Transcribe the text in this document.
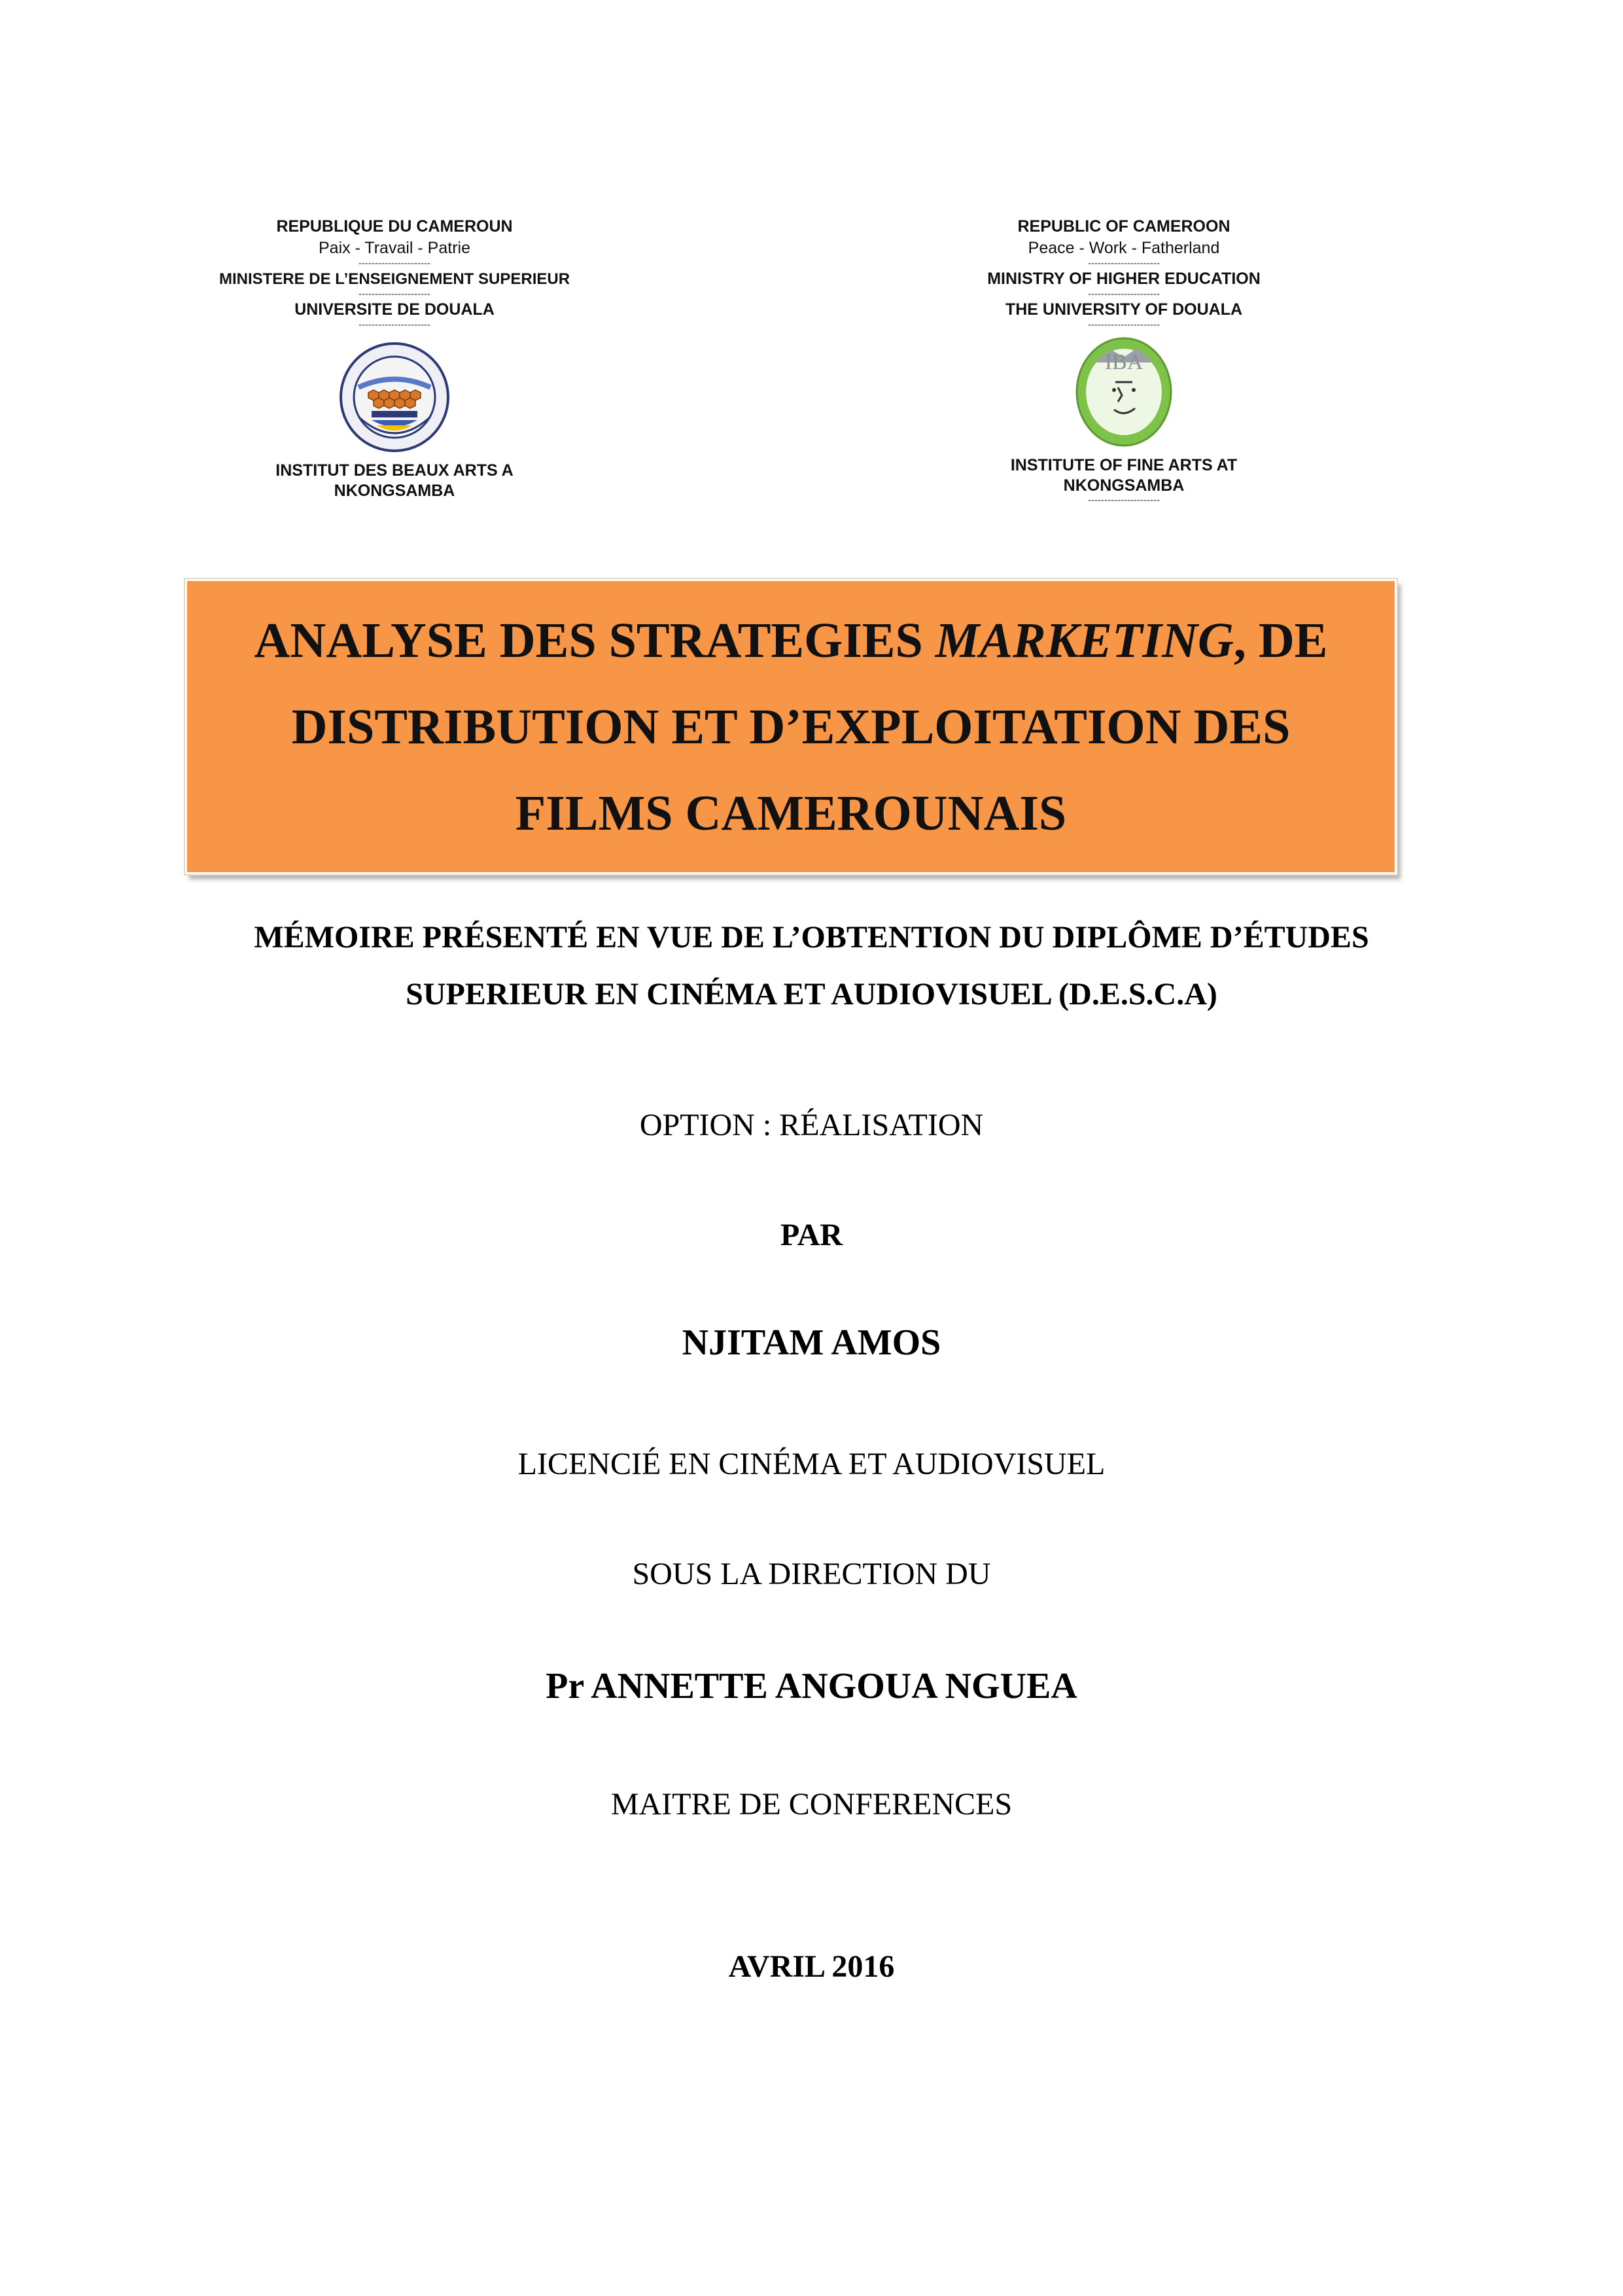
REPUBLIQUE DU CAMEROUN
Paix - Travail - Patrie
----------------------
MINISTERE DE L’ENSEIGNEMENT SUPERIEUR
----------------------
UNIVERSITE DE DOUALA
----------------------
INSTITUT DES BEAUX ARTS A
NKONGSAMBA
REPUBLIC OF CAMEROON
Peace - Work - Fatherland
----------------------
MINISTRY OF HIGHER EDUCATION
----------------------
THE UNIVERSITY OF DOUALA
----------------------
IBA
INSTITUTE OF FINE ARTS AT
NKONGSAMBA
----------------------
ANALYSE DES STRATEGIES MARKETING, DE
DISTRIBUTION ET D’EXPLOITATION DES
FILMS CAMEROUNAIS
MÉMOIRE PRÉSENTÉ EN VUE DE L’OBTENTION DU DIPLÔME D’ÉTUDES
SUPERIEUR EN CINÉMA ET AUDIOVISUEL (D.E.S.C.A)
OPTION : RÉALISATION
PAR
NJITAM AMOS
LICENCIÉ EN CINÉMA ET AUDIOVISUEL
SOUS LA DIRECTION DU
Pr ANNETTE ANGOUA NGUEA
MAITRE DE CONFERENCES
AVRIL 2016
